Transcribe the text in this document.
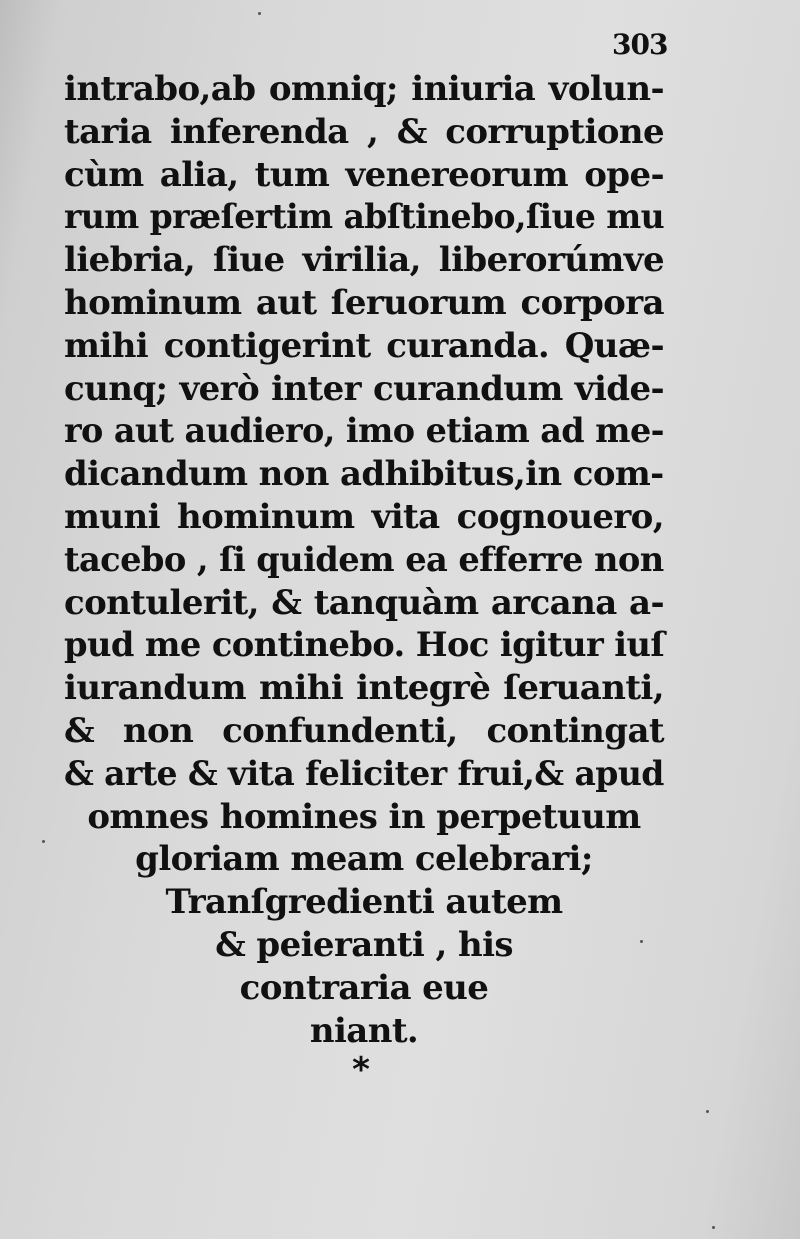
303
intrabo,ab omniq; iniuria volun-
taria inferenda , & corruptione
cùm alia, tum venereorum ope-
rum præſertim abſtinebo,ſiue mu
liebria, ſiue virilia, liberorúmve
hominum aut ſeruorum corpora
mihi contigerint curanda. Quæ-
cunq; verò inter curandum vide-
ro aut audiero, imo etiam ad me-
dicandum non adhibitus,in com-
muni hominum vita cognouero,
tacebo , ſi quidem ea efferre non
contulerit, & tanquàm arcana a-
pud me continebo. Hoc igitur iuſ
iurandum mihi integrè ſeruanti,
& non confundenti, contingat
& arte & vita feliciter frui,& apud
omnes homines in perpetuum
gloriam meam celebrari;
Tranſgredienti autem
& peieranti , his
contraria eue
niant.
*
